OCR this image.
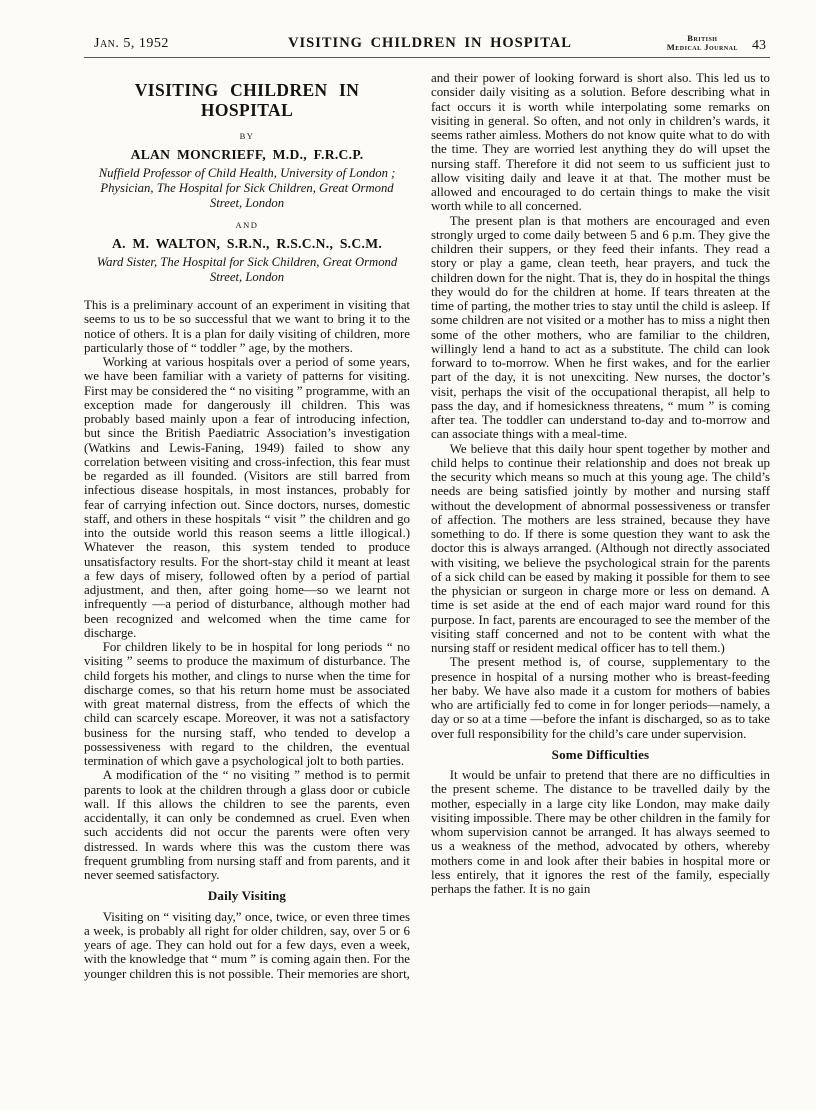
Jan. 5, 1952	VISITING CHILDREN IN HOSPITAL	British
Medical Journal 43
VISITING CHILDREN IN HOSPITAL
BY
ALAN MONCRIEFF, M.D., F.R.C.P.
Nuffield Professor of Child Health, University of London ; Physician, The Hospital for Sick Children, Great Ormond Street, London
AND
A. M. WALTON, S.R.N., R.S.C.N., S.C.M.
Ward Sister, The Hospital for Sick Children, Great Ormond Street, London

This is a preliminary account of an experiment in visiting that seems to us to be so successful that we want to bring it to the notice of others. It is a plan for daily visiting of children, more particularly those of “ toddler ” age, by the mothers.

Working at various hospitals over a period of some years, we have been familiar with a variety of patterns for visiting. First may be considered the “ no visiting ” programme, with an exception made for dangerously ill children. This was probably based mainly upon a fear of introducing infection, but since the British Paediatric Association’s investigation (Watkins and Lewis-Faning, 1949) failed to show any correlation between visiting and cross-infection, this fear must be regarded as ill founded. (Visitors are still barred from infectious disease hospitals, in most instances, probably for fear of carrying infection out. Since doctors, nurses, domestic staff, and others in these hospitals “ visit ” the children and go into the outside world this reason seems a little illogical.) Whatever the reason, this system tended to produce unsatisfactory results. For the short-stay child it meant at least a few days of misery, followed often by a period of partial adjustment, and then, after going home—so we learnt not infrequently —a period of disturbance, although mother had been recognized and welcomed when the time came for discharge.

For children likely to be in hospital for long periods “ no visiting ” seems to produce the maximum of disturbance. The child forgets his mother, and clings to nurse when the time for discharge comes, so that his return home must be associated with great maternal distress, from the effects of which the child can scarcely escape. Moreover, it was not a satisfactory business for the nursing staff, who tended to develop a possessiveness with regard to the children, the eventual termination of which gave a psychological jolt to both parties.

A modification of the “ no visiting ” method is to permit parents to look at the children through a glass door or cubicle wall. If this allows the children to see the parents, even accidentally, it can only be condemned as cruel. Even when such accidents did not occur the parents were often very distressed. In wards where this was the custom there was frequent grumbling from nursing staff and from parents, and it never seemed satisfactory.

Daily Visiting

Visiting on “ visiting day,” once, twice, or even three times a week, is probably all right for older children, say, over 5 or 6 years of age. They can hold out for a few days, even a week, with the knowledge that “ mum ” is coming again then. For the younger children this is not possible. Their memories are short,

and their power of looking forward is short also. This led us to consider daily visiting as a solution. Before describing what in fact occurs it is worth while interpolating some remarks on visiting in general. So often, and not only in children’s wards, it seems rather aimless. Mothers do not know quite what to do with the time. They are worried lest anything they do will upset the nursing staff. Therefore it did not seem to us sufficient just to allow visiting daily and leave it at that. The mother must be allowed and encouraged to do certain things to make the visit worth while to all concerned.

The present plan is that mothers are encouraged and even strongly urged to come daily between 5 and 6 p.m. They give the children their suppers, or they feed their infants. They read a story or play a game, clean teeth, hear prayers, and tuck the children down for the night. That is, they do in hospital the things they would do for the children at home. If tears threaten at the time of parting, the mother tries to stay until the child is asleep. If some children are not visited or a mother has to miss a night then some of the other mothers, who are familiar to the children, willingly lend a hand to act as a substitute. The child can look forward to to-morrow. When he first wakes, and for the earlier part of the day, it is not unexciting. New nurses, the doctor’s visit, perhaps the visit of the occupational therapist, all help to pass the day, and if homesickness threatens, “ mum ” is coming after tea. The toddler can understand to-day and to-morrow and can associate things with a meal-time.

We believe that this daily hour spent together by mother and child helps to continue their relationship and does not break up the security which means so much at this young age. The child’s needs are being satisfied jointly by mother and nursing staff without the development of abnormal possessiveness or transfer of affection. The mothers are less strained, because they have something to do. If there is some question they want to ask the doctor this is always arranged. (Although not directly associated with visiting, we believe the psychological strain for the parents of a sick child can be eased by making it possible for them to see the physician or surgeon in charge more or less on demand. A time is set aside at the end of each major ward round for this purpose. In fact, parents are encouraged to see the member of the visiting staff concerned and not to be content with what the nursing staff or resident medical officer has to tell them.)

The present method is, of course, supplementary to the presence in hospital of a nursing mother who is breast-feeding her baby. We have also made it a custom for mothers of babies who are artificially fed to come in for longer periods—namely, a day or so at a time —before the infant is discharged, so as to take over full responsibility for the child’s care under supervision.

Some Difficulties

It would be unfair to pretend that there are no difficulties in the present scheme. The distance to be travelled daily by the mother, especially in a large city like London, may make daily visiting impossible. There may be other children in the family for whom supervision cannot be arranged. It has always seemed to us a weakness of the method, advocated by others, whereby mothers come in and look after their babies in hospital more or less entirely, that it ignores the rest of the family, especially perhaps the father. It is no gain
